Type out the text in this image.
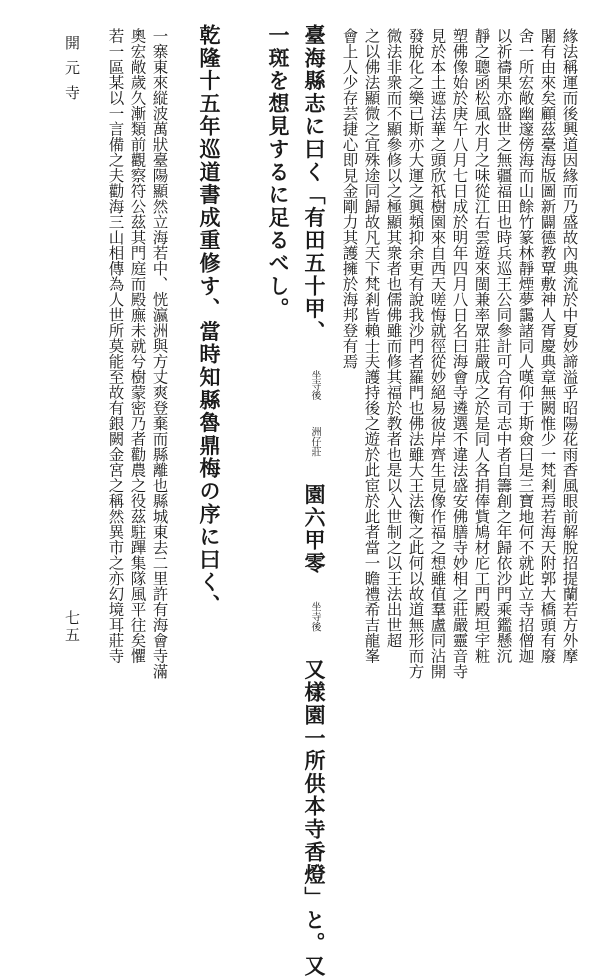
緣法稱運而後興道因緣而乃盛故內典流於中夏妙諦溢乎昭陽花雨香風眼前解脫招提蘭若方外摩
闍有由來矣顧茲臺海版圖新闢德教覃敷神人胥慶典章無闕惟少一梵剎焉若海天附郭大橋頭有廢
舍一所宏敞幽邃傍海而山餘竹篆林靜煙夢靄諸同人嘆仰于斯僉曰是三寶地何不就此立寺招僧迦
以祈禱果亦盛世之無疆福田也時兵巡王公同參計可合有司志中者自籌創之年歸依沙門乘鑑懸沉
靜之聰函松風水月之味從江右雲遊來閩兼率眾莊嚴成之於是同人各捐俸貲鳩材庀工門殿垣宇粧
塑佛像始於庚午八月七日成於明年四月八日名曰海會寺遴選不違法盛安佛膳寺妙相之莊嚴靈音寺
見於本土遮法華之頭欣祇樹園來自西天嗟悔就徑從妙絕易彼岸齊生見像作福之想雖值羣盧同沾開
發脫化之樂已斯亦大運之興頻抑余更有說我沙門者羅門也佛法雖大王法衡之此何以故道無形而方
微法非衆而不顯參修以之極顯其衆者也儒佛雖而修其福於教者也是以入世制之以王法出世超
之以佛法顯微之宜殊途同歸故凡天下梵剎皆賴士夫護持後之遊於此宦於此者當一瞻禮希吉龍峯
會上人少存芸捷心即見金剛力其護擁於海邦登有焉
臺海縣志に曰く「有田五十甲、 坐寺後 洲仔莊 園六甲零 坐寺後 又樣園一所供本寺香燈」と。又
一斑を想見するに足るべし。
乾隆十五年巡道書成重修す、當時知縣魯鼎梅の序に曰く、
一寨東來縦波萬狀臺陽顯然立海若中、恍瀛洲與方丈爽登棄而縣離也縣城東去二里許有海會寺滿
奧宏敞歲久漸類前觀察符公茲其門庭而殿廡未就兮樹蒙密乃者勸農之役茲駐蹕集隊風平往矣懼
若一區某以一言備之夫勸海三山相傳為人世所莫能至故有銀闕金宮之稱然異市之亦幻境耳莊寺
開元寺
七五
